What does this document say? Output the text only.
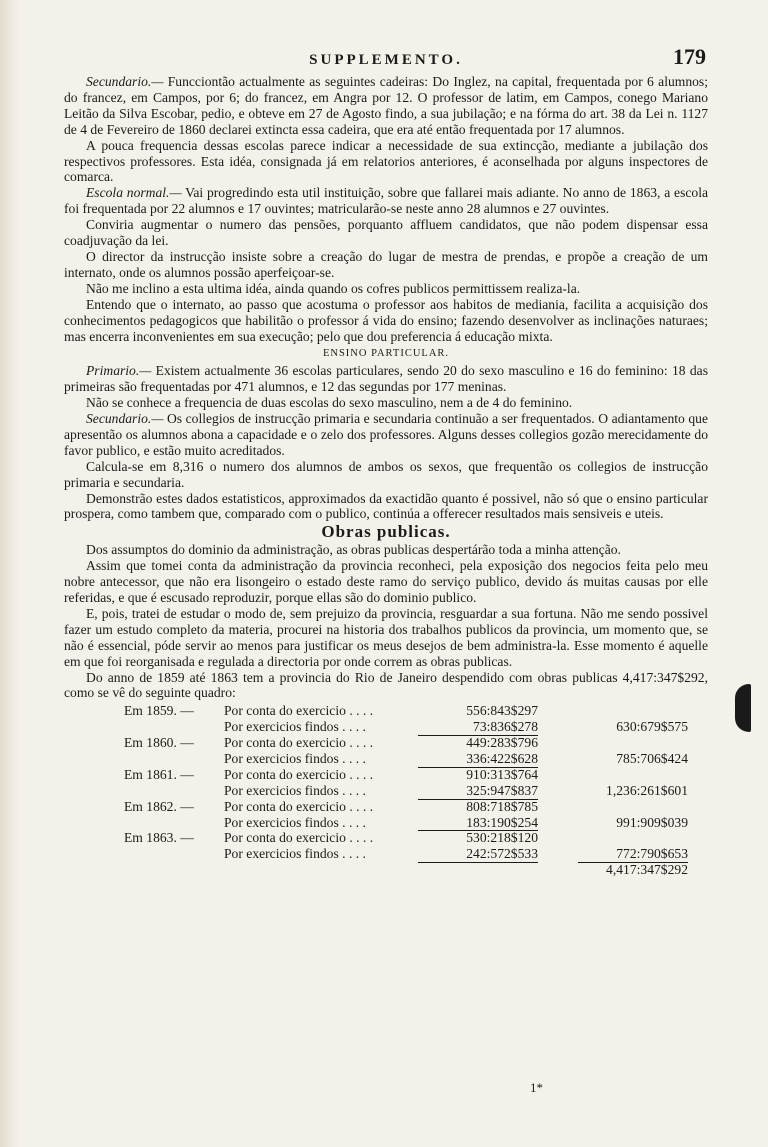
SUPPLEMENTO.	179

Secundario.— Funcciontão actualmente as seguintes cadeiras: Do Inglez, na capital, frequentada por 6 alumnos; do francez, em Campos, por 6; do francez, em Angra por 12. O professor de latim, em Campos, conego Mariano Leitão da Silva Escobar, pedio, e obteve em 27 de Agosto findo, a sua jubilação; e na fórma do art. 38 da Lei n. 1127 de 4 de Fevereiro de 1860 declarei extincta essa cadeira, que era até então frequentada por 17 alumnos.

A pouca frequencia dessas escolas parece indicar a necessidade de sua extincção, mediante a jubilação dos respectivos professores. Esta idéa, consignada já em relatorios anteriores, é aconselhada por alguns inspectores de comarca.

Escola normal.— Vai progredindo esta util instituição, sobre que fallarei mais adiante. No anno de 1863, a escola foi frequentada por 22 alumnos e 17 ouvintes; matricularão-se neste anno 28 alumnos e 27 ouvintes.

Conviria augmentar o numero das pensões, porquanto affluem candidatos, que não podem dispensar essa coadjuvação da lei.

O director da instrucção insiste sobre a creação do lugar de mestra de prendas, e propõe a creação de um internato, onde os alumnos possão aperfeiçoar-se.

Não me inclino a esta ultima idéa, ainda quando os cofres publicos permittissem realiza-la.

Entendo que o internato, ao passo que acostuma o professor aos habitos de mediania, facilita a acquisição dos conhecimentos pedagogicos que habilitão o professor á vida do ensino; fazendo desenvolver as inclinações naturaes; mas encerra inconvenientes em sua execução; pelo que dou preferencia á educação mixta.

ENSINO PARTICULAR.

Primario.— Existem actualmente 36 escolas particulares, sendo 20 do sexo masculino e 16 do feminino: 18 das primeiras são frequentadas por 471 alumnos, e 12 das segundas por 177 meninas.

Não se conhece a frequencia de duas escolas do sexo masculino, nem a de 4 do feminino.

Secundario.— Os collegios de instrucção primaria e secundaria continuão a ser frequentados. O adiantamento que apresentão os alumnos abona a capacidade e o zelo dos professores. Alguns desses collegios gozão merecidamente do favor publico, e estão muito acreditados.

Calcula-se em 8,316 o numero dos alumnos de ambos os sexos, que frequentão os collegios de instrucção primaria e secundaria.

Demonstrão estes dados estatisticos, approximados da exactidão quanto é possivel, não só que o ensino particular prospera, como tambem que, comparado com o publico, continúa a offerecer resultados mais sensiveis e uteis.

Obras publicas.

Dos assumptos do dominio da administração, as obras publicas despertárão toda a minha attenção.

Assim que tomei conta da administração da provincia reconheci, pela exposição dos negocios feita pelo meu nobre antecessor, que não era lisongeiro o estado deste ramo do serviço publico, devido ás muitas causas por elle referidas, e que é escusado reproduzir, porque ellas são do dominio publico.

E, pois, tratei de estudar o modo de, sem prejuizo da provincia, resguardar a sua fortuna. Não me sendo possivel fazer um estudo completo da materia, procurei na historia dos trabalhos publicos da provincia, um momento que, se não é essencial, póde servir ao menos para justificar os meus desejos de bem administra-la. Esse momento é aquelle em que foi reorganisada e regulada a directoria por onde correm as obras publicas.

Do anno de 1859 até 1863 tem a provincia do Rio de Janeiro despendido com obras publicas 4,417:347$292, como se vê do seguinte quadro:

Em 1859. — Por conta do exercicio . . . .	556:843$297
Por exercicios findos . . . .	73:836$278	630:679$575
Em 1860. — Por conta do exercicio . . . .	449:283$796
Por exercicios findos . . . .	336:422$628	785:706$424
Em 1861. — Por conta do exercicio . . . .	910:313$764
Por exercicios findos . . . .	325:947$837	1,236:261$601
Em 1862. — Por conta do exercicio . . . .	808:718$785
Por exercicios findos . . . .	183:190$254	991:909$039
Em 1863. — Por conta do exercicio . . . .	530:218$120
Por exercicios findos . . . .	242:572$533	772:790$653
4,417:347$292
1*
